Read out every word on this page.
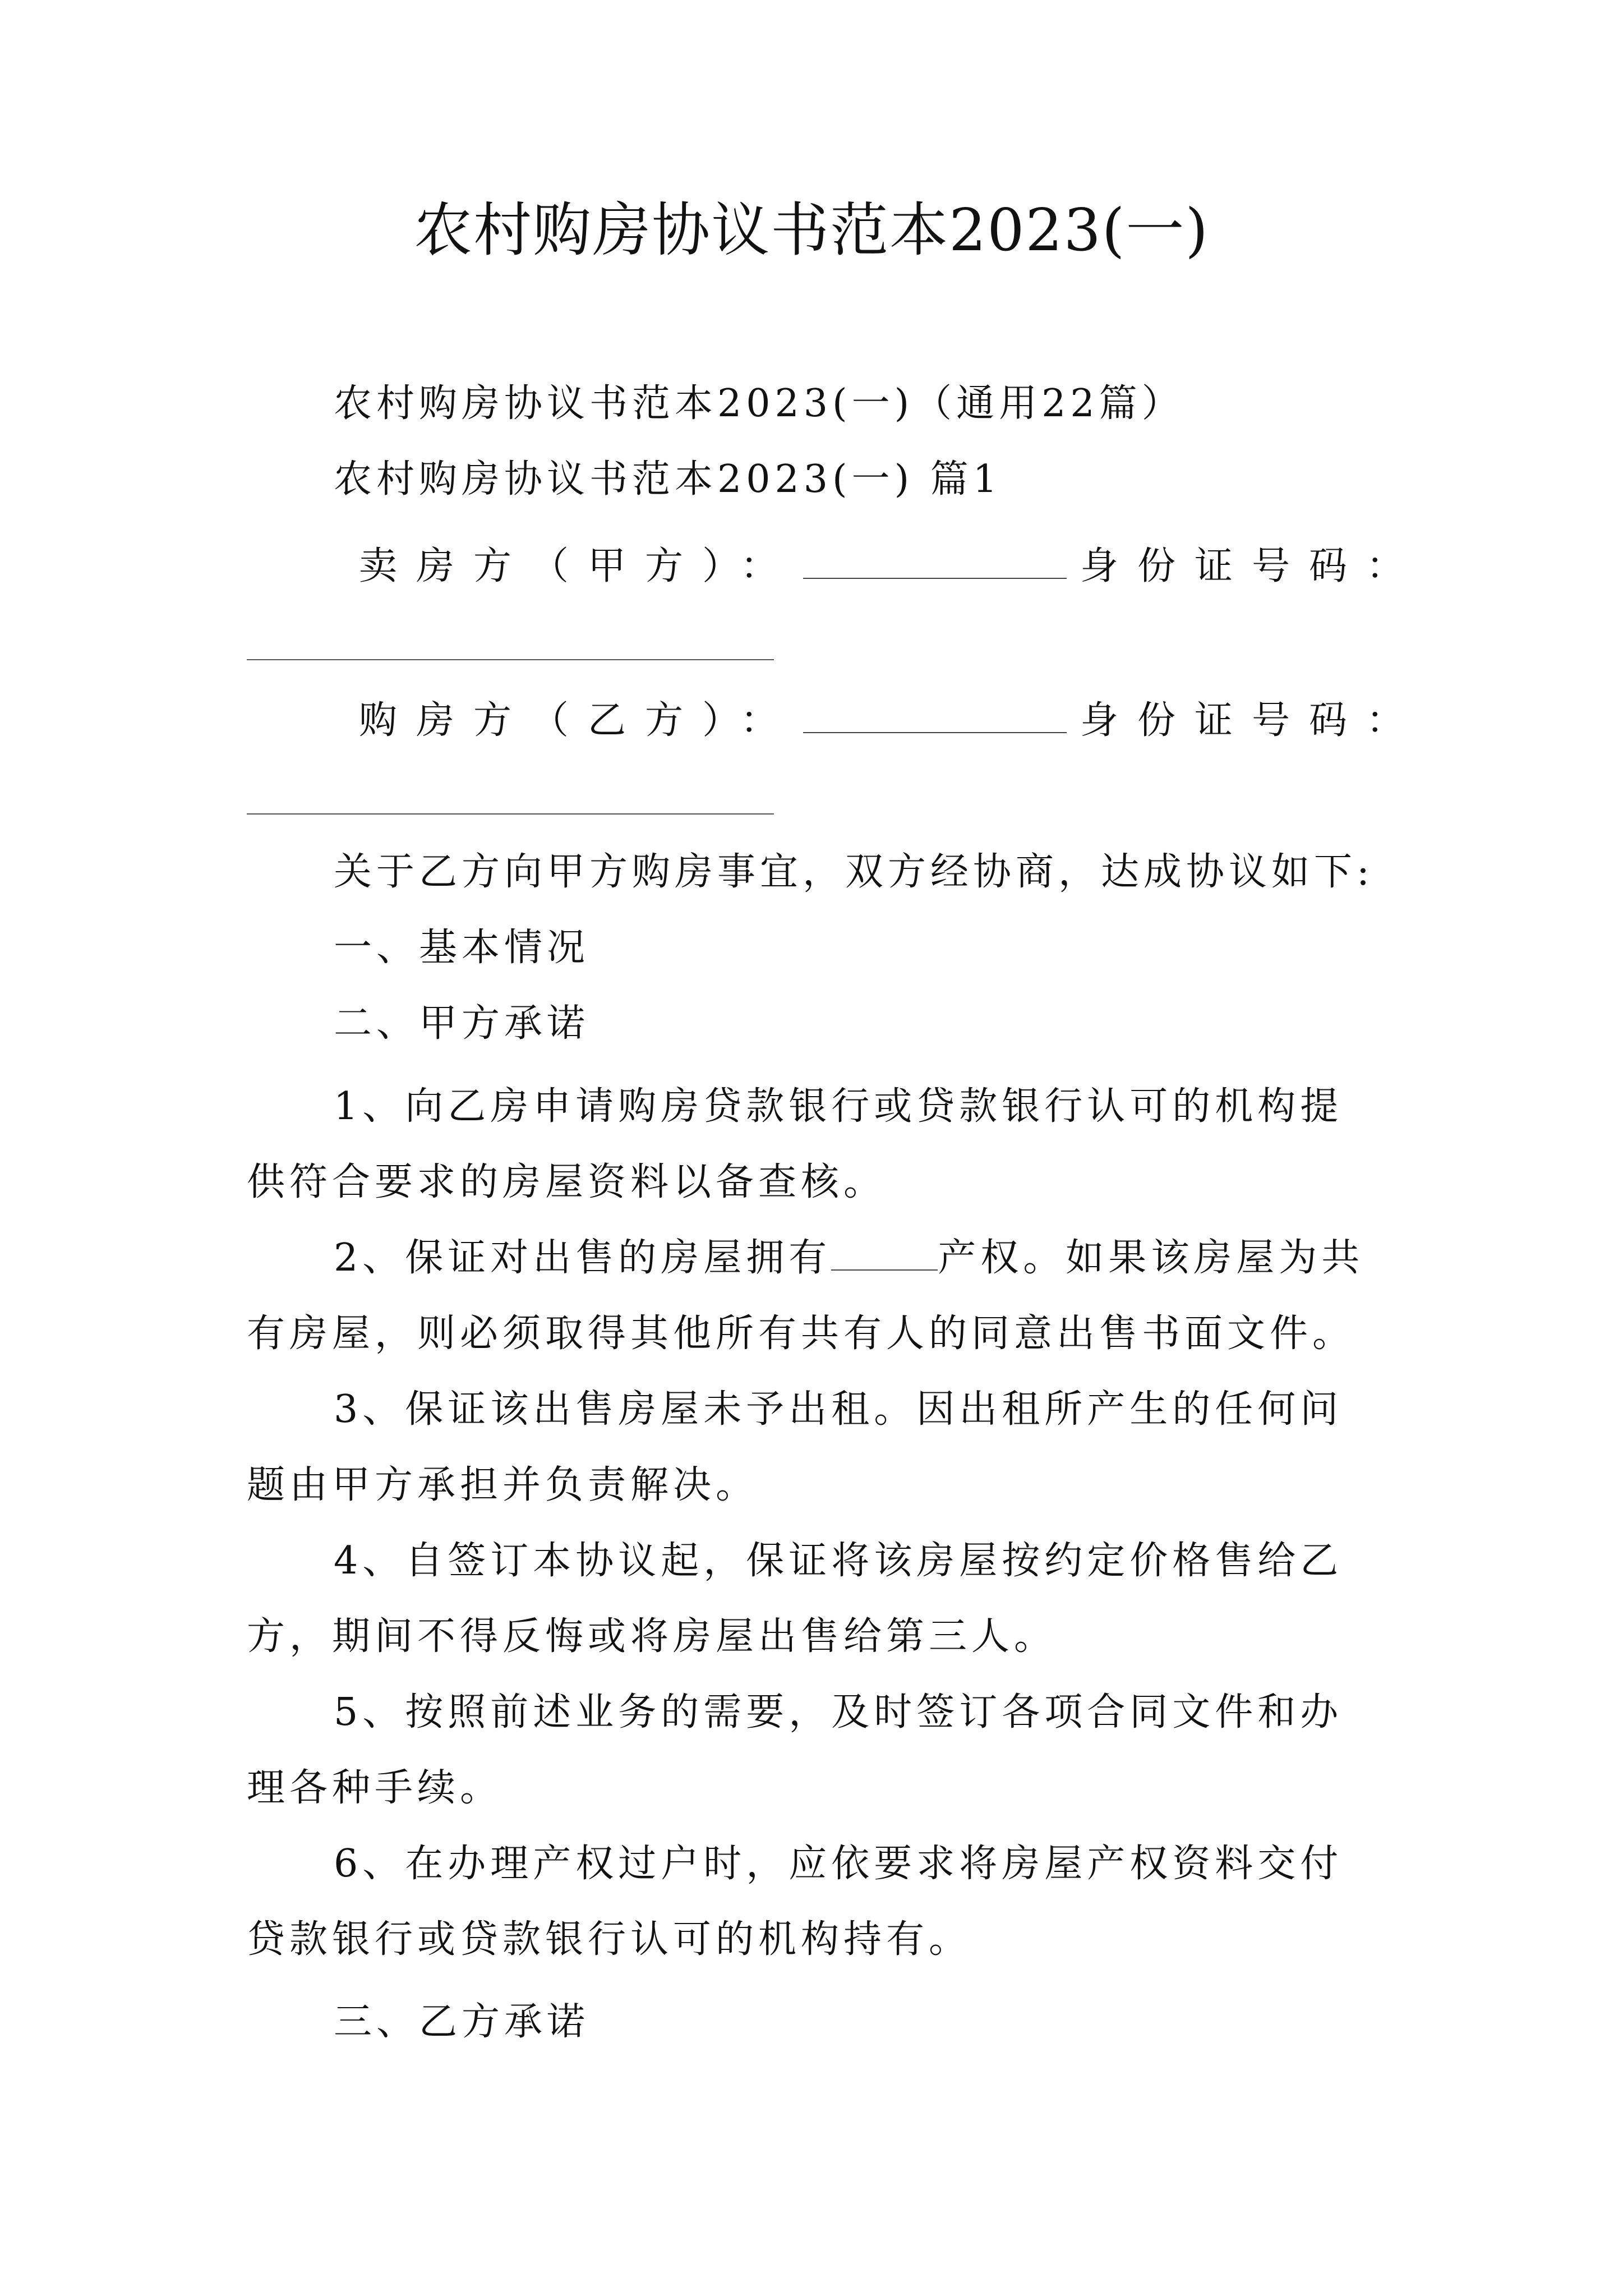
农村购房协议书范本2023(一)
农村购房协议书范本2023(一)（通用22篇）
农村购房协议书范本2023(一) 篇1
卖房方（甲方）：	身份证号码：
购房方（乙方）：	身份证号码：
关于乙方向甲方购房事宜，双方经协商，达成协议如下:
一、基本情况
二、甲方承诺

1、向乙房申请购房贷款银行或贷款银行认可的机构提供符合要求的房屋资料以备查核。

2、保证对出售的房屋拥有	产权。如果该房屋为共有房屋，则必须取得其他所有共有人的同意出售书面文件。

3、保证该出售房屋未予出租。因出租所产生的任何问题由甲方承担并负责解决。

4、自签订本协议起，保证将该房屋按约定价格售给乙方，期间不得反悔或将房屋出售给第三人。

5、按照前述业务的需要，及时签订各项合同文件和办理各种手续。

6、在办理产权过户时，应依要求将房屋产权资料交付贷款银行或贷款银行认可的机构持有。

三、乙方承诺
